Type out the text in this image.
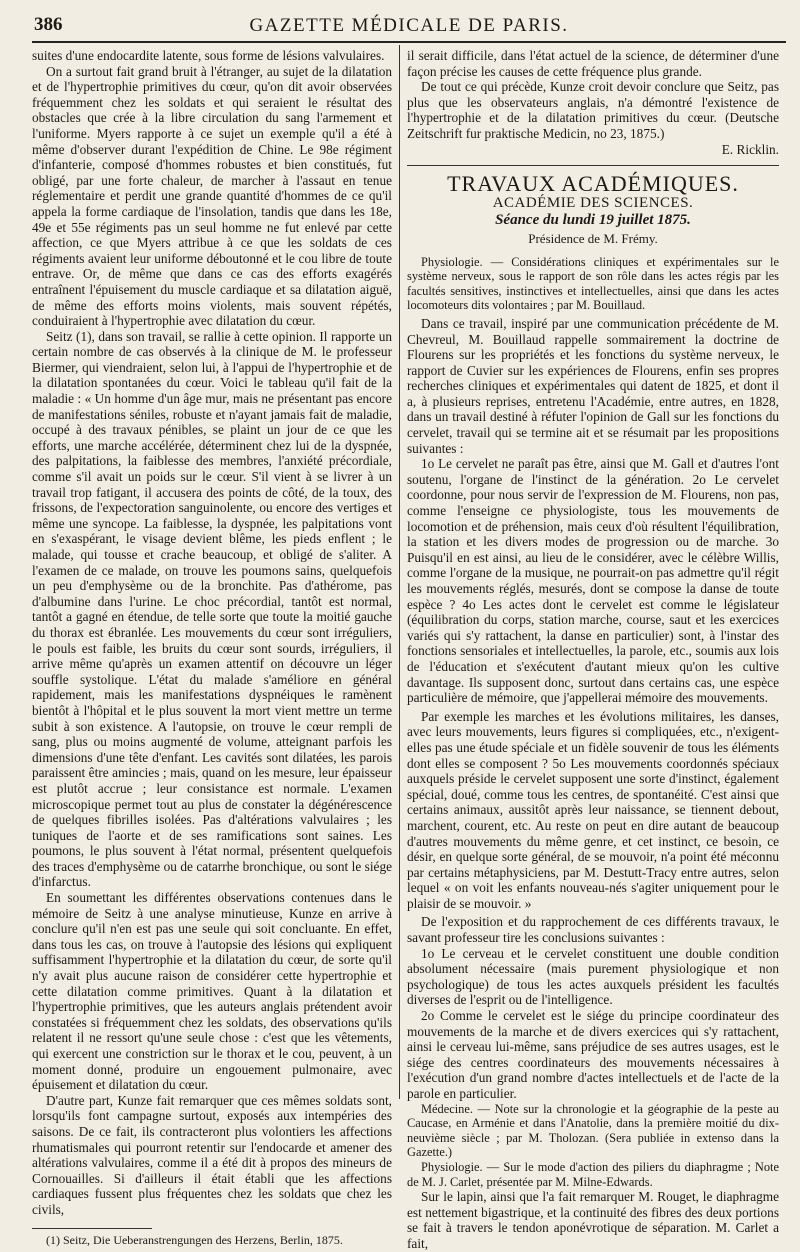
386	GAZETTE MÉDICALE DE PARIS.

suites d'une endocardite latente, sous forme de lésions valvulaires.

On a surtout fait grand bruit à l'étranger, au sujet de la dilatation et de l'hypertrophie primitives du cœur, qu'on dit avoir observées fréquemment chez les soldats et qui seraient le résultat des obstacles que crée à la libre circulation du sang l'armement et l'uniforme. Myers rapporte à ce sujet un exemple qu'il a été à même d'observer durant l'expédition de Chine. Le 98e régiment d'infanterie, composé d'hommes robustes et bien constitués, fut obligé, par une forte chaleur, de marcher à l'assaut en tenue réglementaire et perdit une grande quantité d'hommes de ce qu'il appela la forme cardiaque de l'insolation, tandis que dans les 18e, 49e et 55e régiments pas un seul homme ne fut enlevé par cette affection, ce que Myers attribue à ce que les soldats de ces régiments avaient leur uniforme déboutonné et le cou libre de toute entrave. Or, de même que dans ce cas des efforts exagérés entraînent l'épuisement du muscle cardiaque et sa dilatation aiguë, de même des efforts moins violents, mais souvent répétés, conduiraient à l'hypertrophie avec dilatation du cœur.

Seitz (1), dans son travail, se rallie à cette opinion. Il rapporte un certain nombre de cas observés à la clinique de M. le professeur Biermer, qui viendraient, selon lui, à l'appui de l'hypertrophie et de la dilatation spontanées du cœur. Voici le tableau qu'il fait de la maladie : « Un homme d'un âge mur, mais ne présentant pas encore de manifestations séniles, robuste et n'ayant jamais fait de maladie, occupé à des travaux pénibles, se plaint un jour de ce que les efforts, une marche accélérée, déterminent chez lui de la dyspnée, des palpitations, la faiblesse des membres, l'anxiété précordiale, comme s'il avait un poids sur le cœur. S'il vient à se livrer à un travail trop fatigant, il accusera des points de côté, de la toux, des frissons, de l'expectoration sanguinolente, ou encore des vertiges et même une syncope. La faiblesse, la dyspnée, les palpitations vont en s'exaspérant, le visage devient blême, les pieds enflent ; le malade, qui tousse et crache beaucoup, et obligé de s'aliter. A l'examen de ce malade, on trouve les poumons sains, quelquefois un peu d'emphysème ou de la bronchite. Pas d'athérome, pas d'albumine dans l'urine. Le choc précordial, tantôt est normal, tantôt a gagné en étendue, de telle sorte que toute la moitié gauche du thorax est ébranlée. Les mouvements du cœur sont irréguliers, le pouls est faible, les bruits du cœur sont sourds, irréguliers, il arrive même qu'après un examen attentif on découvre un léger souffle systolique. L'état du malade s'améliore en général rapidement, mais les manifestations dyspnéiques le ramènent bientôt à l'hôpital et le plus souvent la mort vient mettre un terme subit à son existence. A l'autopsie, on trouve le cœur rempli de sang, plus ou moins augmenté de volume, atteignant parfois les dimensions d'une tête d'enfant. Les cavités sont dilatées, les parois paraissent être amincies ; mais, quand on les mesure, leur épaisseur est plutôt accrue ; leur consistance est normale. L'examen microscopique permet tout au plus de constater la dégénérescence de quelques fibrilles isolées. Pas d'altérations valvulaires ; les tuniques de l'aorte et de ses ramifications sont saines. Les poumons, le plus souvent à l'état normal, présentent quelquefois des traces d'emphysème ou de catarrhe bronchique, ou sont le siége d'infarctus.

En soumettant les différentes observations contenues dans le mémoire de Seitz à une analyse minutieuse, Kunze en arrive à conclure qu'il n'en est pas une seule qui soit concluante. En effet, dans tous les cas, on trouve à l'autopsie des lésions qui expliquent suffisamment l'hypertrophie et la dilatation du cœur, de sorte qu'il n'y avait plus aucune raison de considérer cette hypertrophie et cette dilatation comme primitives. Quant à la dilatation et l'hypertrophie primitives, que les auteurs anglais prétendent avoir constatées si fréquemment chez les soldats, des observations qu'ils relatent il ne ressort qu'une seule chose : c'est que les vêtements, qui exercent une constriction sur le thorax et le cou, peuvent, à un moment donné, produire un engouement pulmonaire, avec épuisement et dilatation du cœur.

D'autre part, Kunze fait remarquer que ces mêmes soldats sont, lorsqu'ils font campagne surtout, exposés aux intempéries des saisons. De ce fait, ils contracteront plus volontiers les affections rhumatismales qui pourront retentir sur l'endocarde et amener des altérations valvulaires, comme il a été dit à propos des mineurs de Cornouailles. Si d'ailleurs il était établi que les affections cardiaques fussent plus fréquentes chez les soldats que chez les civils,

(1) Seitz, Die Ueberanstrengungen des Herzens, Berlin, 1875.

il serait difficile, dans l'état actuel de la science, de déterminer d'une façon précise les causes de cette fréquence plus grande.

De tout ce qui précède, Kunze croit devoir conclure que Seitz, pas plus que les observateurs anglais, n'a démontré l'existence de l'hypertrophie et de la dilatation primitives du cœur. (Deutsche Zeitschrift fur praktische Medicin, no 23, 1875.)

E. Ricklin.

TRAVAUX ACADÉMIQUES.
ACADÉMIE DES SCIENCES.
Séance du lundi 19 juillet 1875.
Présidence de M. Frémy.

Physiologie. — Considérations cliniques et expérimentales sur le système nerveux, sous le rapport de son rôle dans les actes régis par les facultés sensitives, instinctives et intellectuelles, ainsi que dans les actes locomoteurs dits volontaires ; par M. Bouillaud.

Dans ce travail, inspiré par une communication précédente de M. Chevreul, M. Bouillaud rappelle sommairement la doctrine de Flourens sur les propriétés et les fonctions du système nerveux, le rapport de Cuvier sur les expériences de Flourens, enfin ses propres recherches cliniques et expérimentales qui datent de 1825, et dont il a, à plusieurs reprises, entretenu l'Académie, entre autres, en 1828, dans un travail destiné à réfuter l'opinion de Gall sur les fonctions du cervelet, travail qui se termine ait et se résumait par les propositions suivantes :

1o Le cervelet ne paraît pas être, ainsi que M. Gall et d'autres l'ont soutenu, l'organe de l'instinct de la génération. 2o Le cervelet coordonne, pour nous servir de l'expression de M. Flourens, non pas, comme l'enseigne ce physiologiste, tous les mouvements de locomotion et de préhension, mais ceux d'où résultent l'équilibration, la station et les divers modes de progression ou de marche. 3o Puisqu'il en est ainsi, au lieu de le considérer, avec le célèbre Willis, comme l'organe de la musique, ne pourrait-on pas admettre qu'il régit les mouvements réglés, mesurés, dont se compose la danse de toute espèce ? 4o Les actes dont le cervelet est comme le législateur (équilibration du corps, station marche, course, saut et les exercices variés qui s'y rattachent, la danse en particulier) sont, à l'instar des fonctions sensoriales et intellectuelles, la parole, etc., soumis aux lois de l'éducation et s'exécutent d'autant mieux qu'on les cultive davantage. Ils supposent donc, surtout dans certains cas, une espèce particulière de mémoire, que j'appellerai mémoire des mouvements.

Par exemple les marches et les évolutions militaires, les danses, avec leurs mouvements, leurs figures si compliquées, etc., n'exigent-elles pas une étude spéciale et un fidèle souvenir de tous les éléments dont elles se composent ? 5o Les mouvements coordonnés spéciaux auxquels préside le cervelet supposent une sorte d'instinct, également spécial, doué, comme tous les centres, de spontanéité. C'est ainsi que certains animaux, aussitôt après leur naissance, se tiennent debout, marchent, courent, etc. Au reste on peut en dire autant de beaucoup d'autres mouvements du même genre, et cet instinct, ce besoin, ce désir, en quelque sorte général, de se mouvoir, n'a point été méconnu par certains métaphysiciens, par M. Destutt-Tracy entre autres, selon lequel « on voit les enfants nouveau-nés s'agiter uniquement pour le plaisir de se mouvoir. »

De l'exposition et du rapprochement de ces différents travaux, le savant professeur tire les conclusions suivantes :

1o Le cerveau et le cervelet constituent une double condition absolument nécessaire (mais purement physiologique et non psychologique) de tous les actes auxquels président les facultés diverses de l'esprit ou de l'intelligence.

2o Comme le cervelet est le siége du principe coordinateur des mouvements de la marche et de divers exercices qui s'y rattachent, ainsi le cerveau lui-même, sans préjudice de ses autres usages, est le siége des centres coordinateurs des mouvements nécessaires à l'exécution d'un grand nombre d'actes intellectuels et de l'acte de la parole en particulier.

Médecine. — Note sur la chronologie et la géographie de la peste au Caucase, en Arménie et dans l'Anatolie, dans la première moitié du dix-neuvième siècle ; par M. Tholozan. (Sera publiée in extenso dans la Gazette.)

Physiologie. — Sur le mode d'action des piliers du diaphragme ; Note de M. J. Carlet, présentée par M. Milne-Edwards.

Sur le lapin, ainsi que l'a fait remarquer M. Rouget, le diaphragme est nettement bigastrique, et la continuité des fibres des deux portions se fait à travers le tendon aponévrotique de séparation. M. Carlet a fait,
